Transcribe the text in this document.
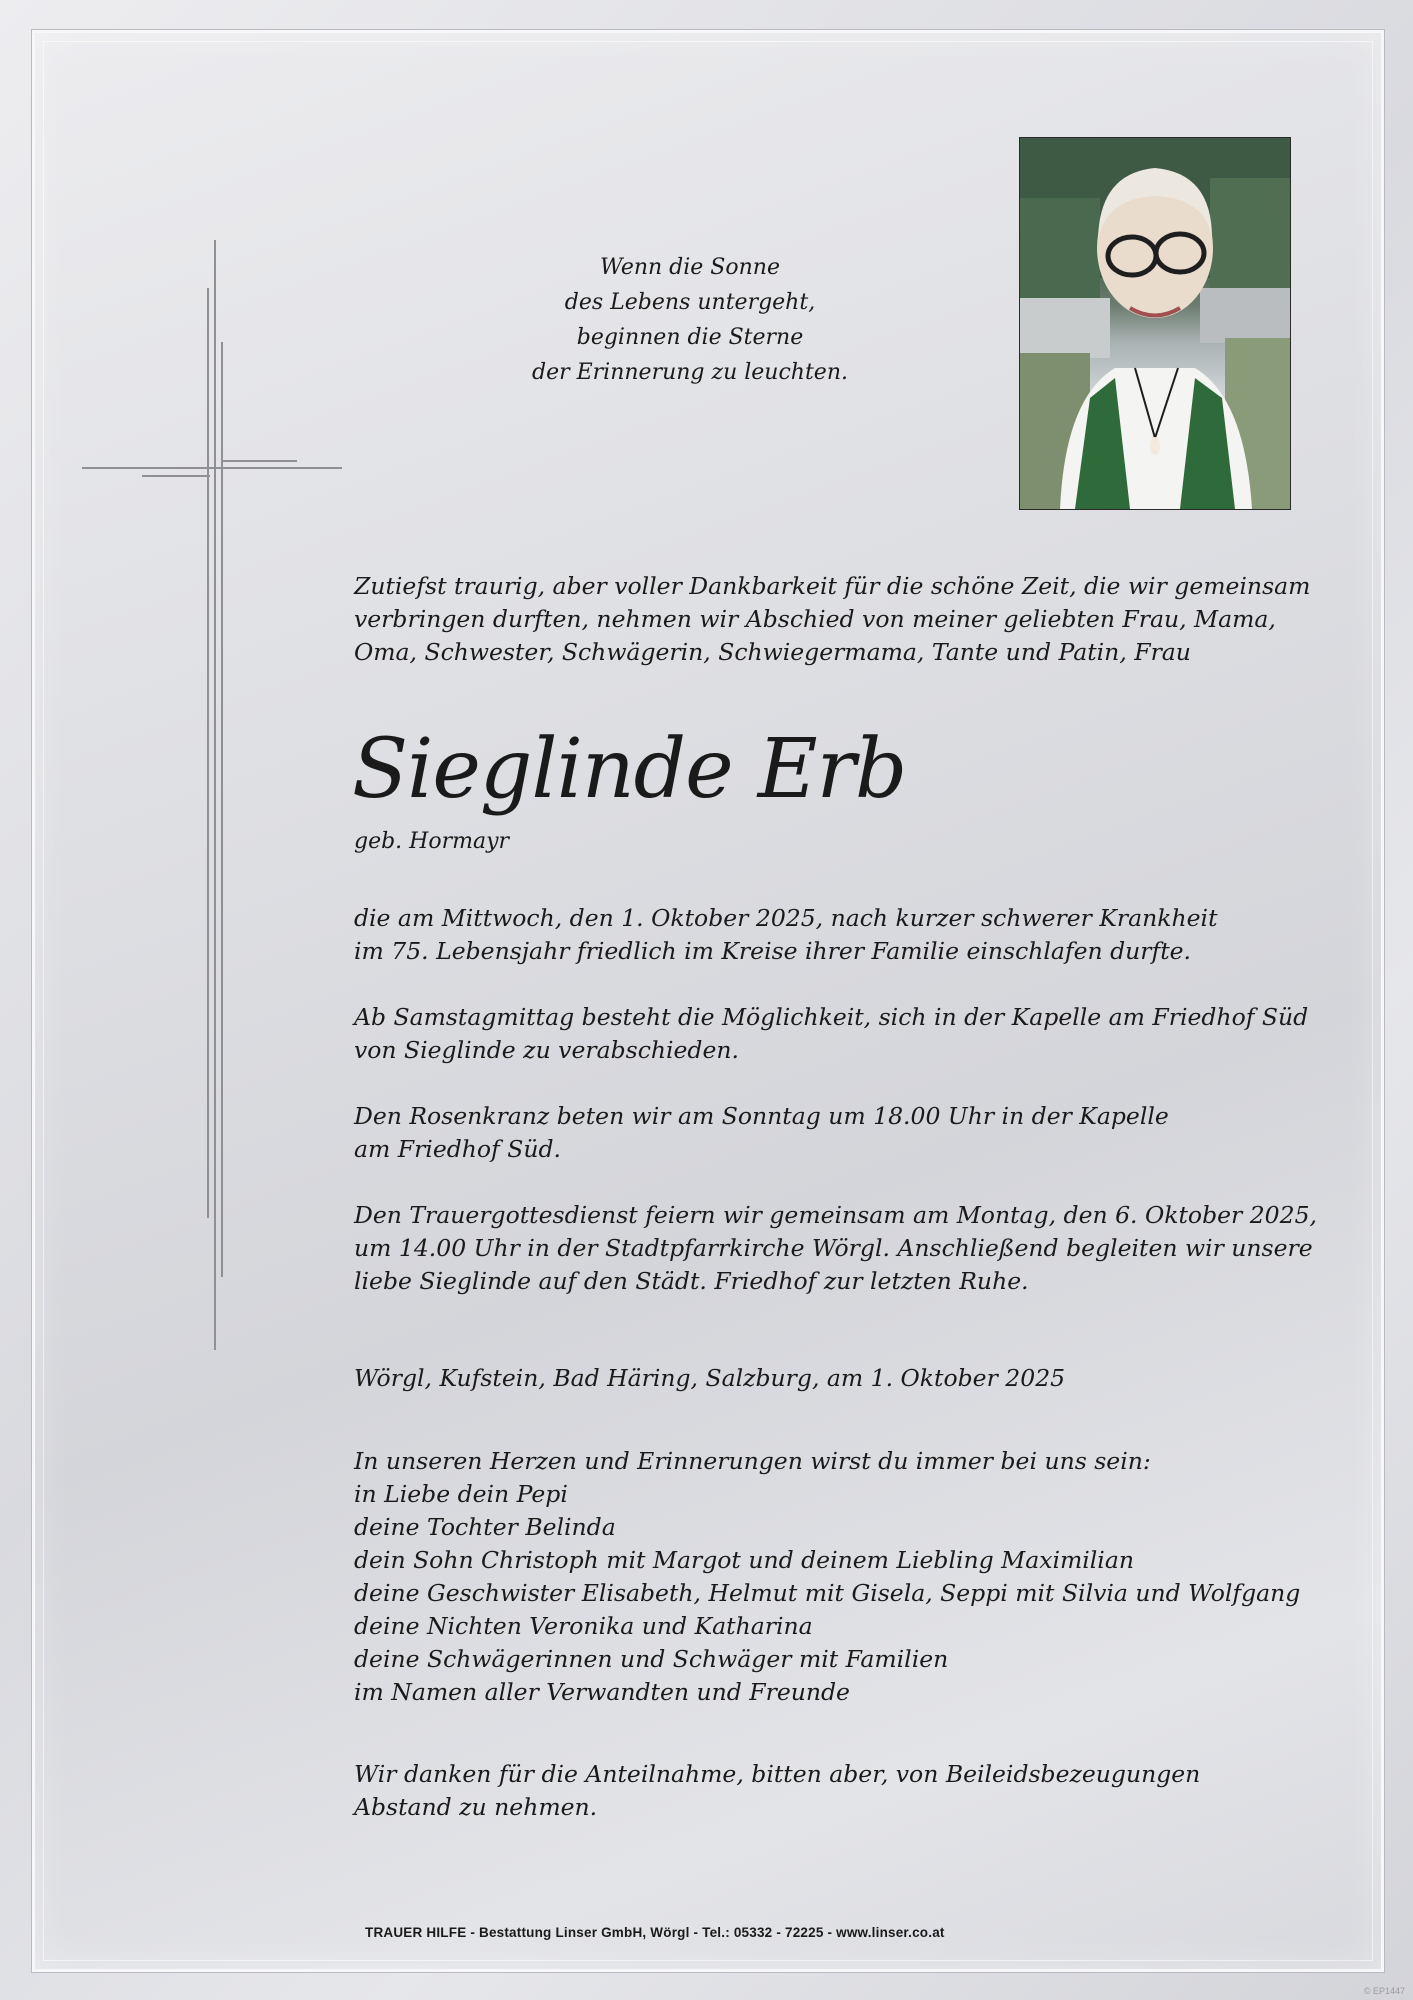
Wenn die Sonne
des Lebens untergeht,
beginnen die Sterne
der Erinnerung zu leuchten.
Zutiefst traurig, aber voller Dankbarkeit für die schöne Zeit, die wir gemeinsam
verbringen durften, nehmen wir Abschied von meiner geliebten Frau, Mama,
Oma, Schwester, Schwägerin, Schwiegermama, Tante und Patin, Frau
Sieglinde Erb
geb. Hormayr
die am Mittwoch, den 1. Oktober 2025, nach kurzer schwerer Krankheit
im 75. Lebensjahr friedlich im Kreise ihrer Familie einschlafen durfte.
Ab Samstagmittag besteht die Möglichkeit, sich in der Kapelle am Friedhof Süd
von Sieglinde zu verabschieden.
Den Rosenkranz beten wir am Sonntag um 18.00 Uhr in der Kapelle
am Friedhof Süd.
Den Trauergottesdienst feiern wir gemeinsam am Montag, den 6. Oktober 2025,
um 14.00 Uhr in der Stadtpfarrkirche Wörgl. Anschließend begleiten wir unsere
liebe Sieglinde auf den Städt. Friedhof zur letzten Ruhe.
Wörgl, Kufstein, Bad Häring, Salzburg, am 1. Oktober 2025
In unseren Herzen und Erinnerungen wirst du immer bei uns sein:
in Liebe dein Pepi
deine Tochter Belinda
dein Sohn Christoph mit Margot und deinem Liebling Maximilian
deine Geschwister Elisabeth, Helmut mit Gisela, Seppi mit Silvia und Wolfgang
deine Nichten Veronika und Katharina
deine Schwägerinnen und Schwäger mit Familien
im Namen aller Verwandten und Freunde
Wir danken für die Anteilnahme, bitten aber, von Beileidsbezeugungen
Abstand zu nehmen.
TRAUER HILFE - Bestattung Linser GmbH, Wörgl - Tel.: 05332 - 72225 - www.linser.co.at
© EP1447
